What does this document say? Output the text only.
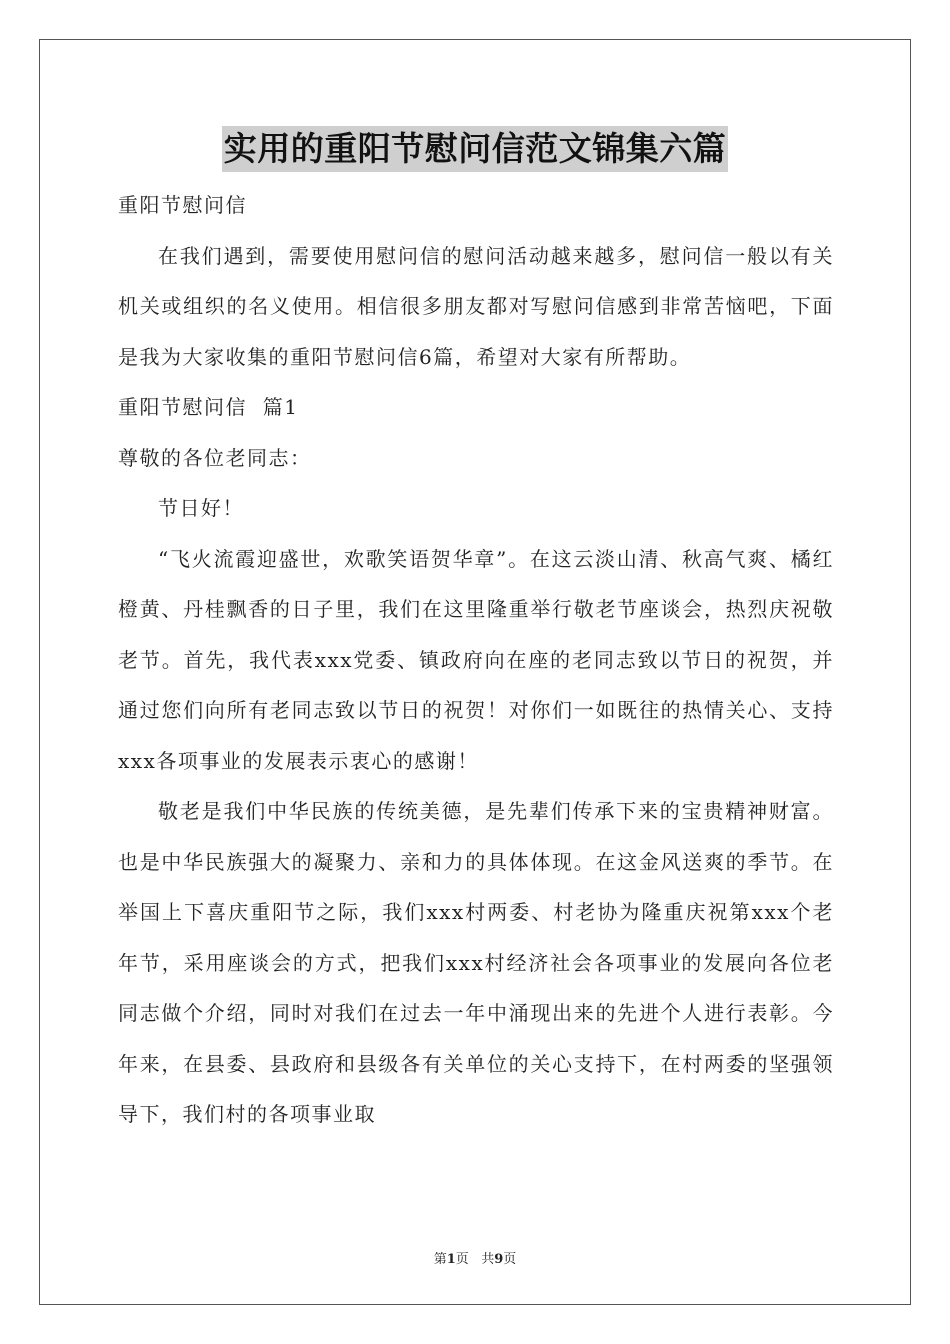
实用的重阳节慰问信范文锦集六篇

重阳节慰问信

在我们遇到，需要使用慰问信的慰问活动越来越多，慰问信一般以有关机关或组织的名义使用。相信很多朋友都对写慰问信感到非常苦恼吧，下面是我为大家收集的重阳节慰问信6篇，希望对大家有所帮助。

重阳节慰问信  篇1

尊敬的各位老同志：

节日好！

“飞火流霞迎盛世，欢歌笑语贺华章”。在这云淡山清、秋高气爽、橘红橙黄、丹桂飘香的日子里，我们在这里隆重举行敬老节座谈会，热烈庆祝敬老节。首先，我代表xxx党委、镇政府向在座的老同志致以节日的祝贺，并通过您们向所有老同志致以节日的祝贺！对你们一如既往的热情关心、支持xxx各项事业的发展表示衷心的感谢！

敬老是我们中华民族的传统美德，是先辈们传承下来的宝贵精神财富。也是中华民族强大的凝聚力、亲和力的具体体现。在这金风送爽的季节。在举国上下喜庆重阳节之际，我们xxx村两委、村老协为隆重庆祝第xxx个老年节，采用座谈会的方式，把我们xxx村经济社会各项事业的发展向各位老同志做个介绍，同时对我们在过去一年中涌现出来的先进个人进行表彰。今年来，在县委、县政府和县级各有关单位的关心支持下，在村两委的坚强领导下，我们村的各项事业取

第1页 共9页
